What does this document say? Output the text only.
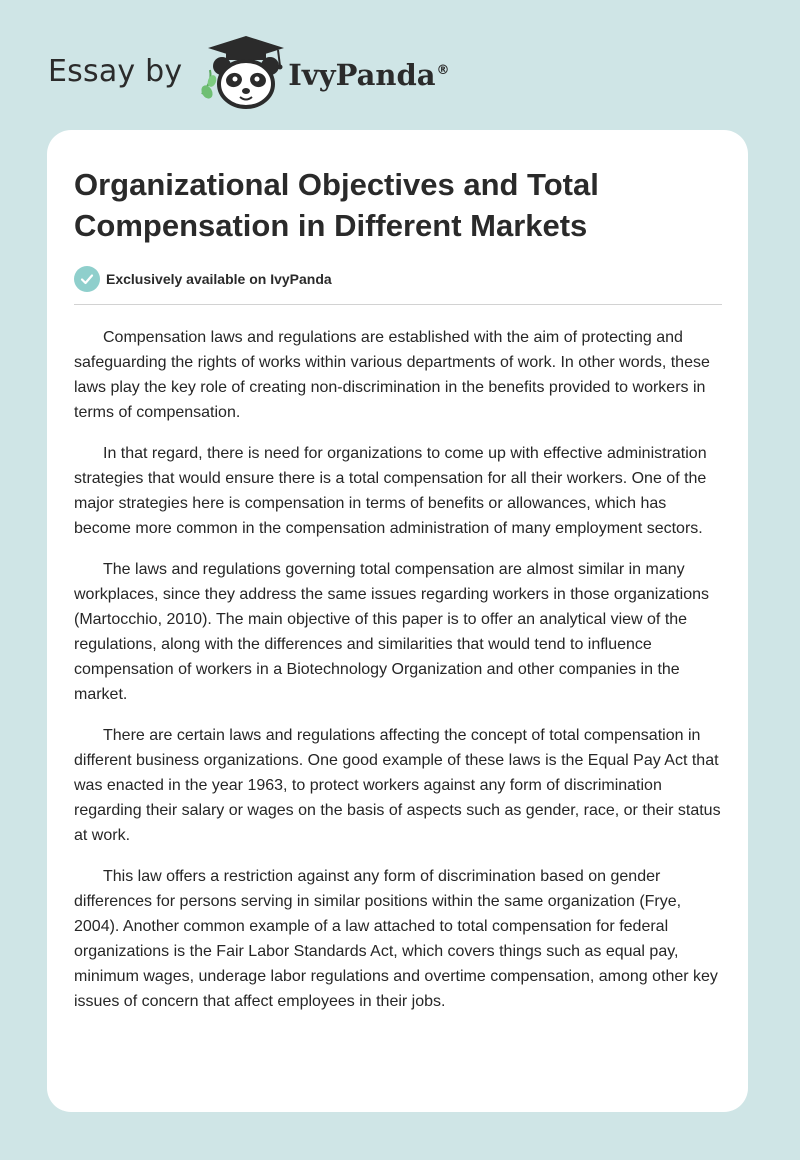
Essay by	IvyPanda®
Organizational Objectives and Total Compensation in Different Markets
Exclusively available on IvyPanda

Compensation laws and regulations are established with the aim of protecting and safeguarding the rights of works within various departments of work. In other words, these laws play the key role of creating non-discrimination in the benefits provided to workers in terms of compensation.

In that regard, there is need for organizations to come up with effective administration strategies that would ensure there is a total compensation for all their workers. One of the major strategies here is compensation in terms of benefits or allowances, which has become more common in the compensation administration of many employment sectors.

The laws and regulations governing total compensation are almost similar in many workplaces, since they address the same issues regarding workers in those organizations (Martocchio, 2010). The main objective of this paper is to offer an analytical view of the regulations, along with the differences and similarities that would tend to influence compensation of workers in a Biotechnology Organization and other companies in the market.

There are certain laws and regulations affecting the concept of total compensation in different business organizations. One good example of these laws is the Equal Pay Act that was enacted in the year 1963, to protect workers against any form of discrimination regarding their salary or wages on the basis of aspects such as gender, race, or their status at work.

This law offers a restriction against any form of discrimination based on gender differences for persons serving in similar positions within the same organization (Frye, 2004). Another common example of a law attached to total compensation for federal organizations is the Fair Labor Standards Act, which covers things such as equal pay, minimum wages, underage labor regulations and overtime compensation, among other key issues of concern that affect employees in their jobs.
